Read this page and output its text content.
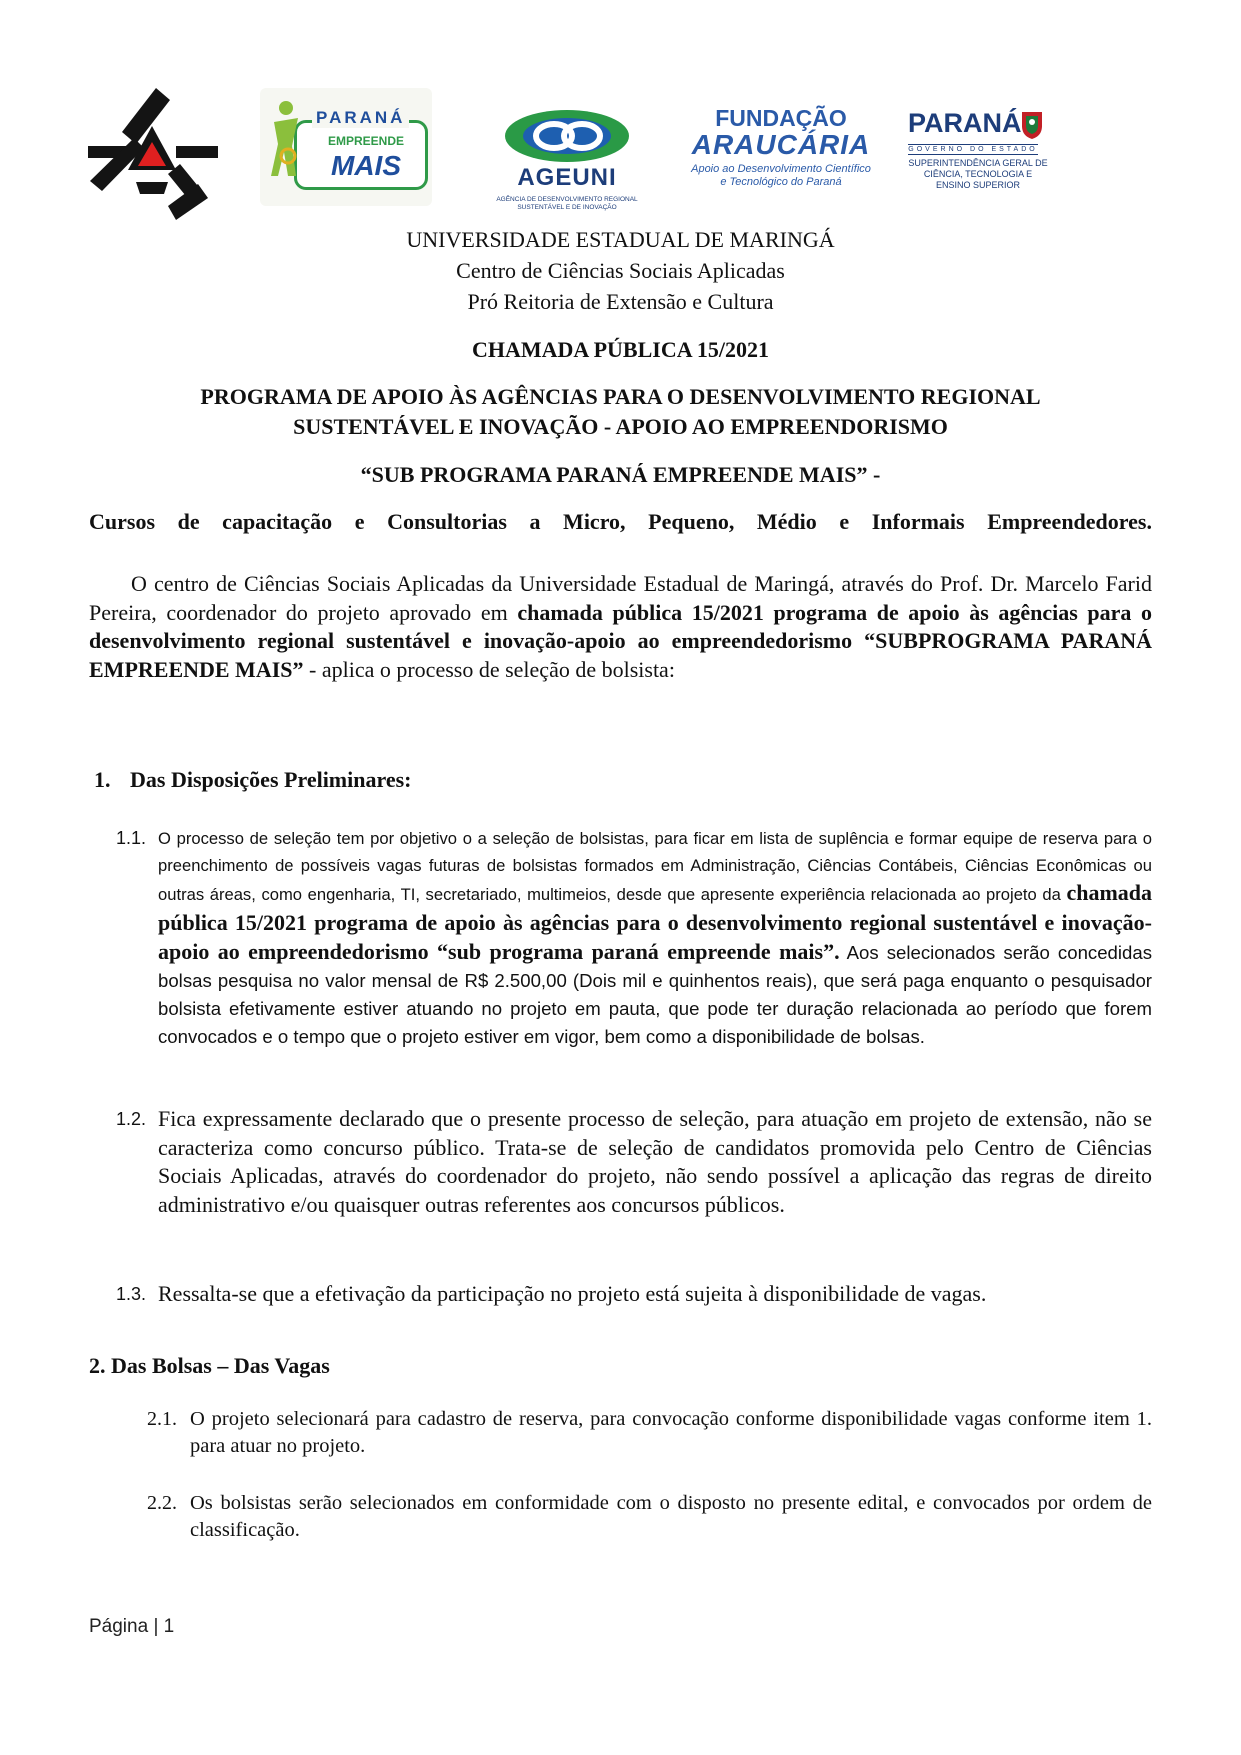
PARANÁ
EMPREENDE
MAIS	AGEUNI
AGÊNCIA DE DESENVOLVIMENTO REGIONAL SUSTENTÁVEL E DE INOVAÇÃO
FUNDAÇÃO
ARAUCÁRIA
Apoio ao Desenvolvimento Científico e Tecnológico do Paraná
PARANÁ
GOVERNO DO ESTADO
SUPERINTENDÊNCIA GERAL DE CIÊNCIA, TECNOLOGIA E ENSINO SUPERIOR
UNIVERSIDADE ESTADUAL DE MARINGÁ
Centro de Ciências Sociais Aplicadas
Pró Reitoria de Extensão e Cultura
CHAMADA PÚBLICA 15/2021
PROGRAMA DE APOIO ÀS AGÊNCIAS PARA O DESENVOLVIMENTO REGIONAL
SUSTENTÁVEL E INOVAÇÃO - APOIO AO EMPREENDORISMO
“SUB PROGRAMA PARANÁ EMPREENDE MAIS” -
Cursos de capacitação e Consultorias a Micro, Pequeno, Médio e Informais Empreendedores.
O centro de Ciências Sociais Aplicadas da Universidade Estadual de Maringá, através do Prof. Dr. Marcelo Farid Pereira, coordenador do projeto aprovado em chamada pública 15/2021 programa de apoio às agências para o desenvolvimento regional sustentável e inovação-apoio ao empreendedorismo “SUBPROGRAMA PARANÁ EMPREENDE MAIS” - aplica o processo de seleção de bolsista:
1. Das Disposições Preliminares:
1.1. O processo de seleção tem por objetivo o a seleção de bolsistas, para ficar em lista de suplência e formar equipe de reserva para o preenchimento de possíveis vagas futuras de bolsistas formados em Administração, Ciências Contábeis, Ciências Econômicas ou outras áreas, como engenharia, TI, secretariado, multimeios, desde que apresente experiência relacionada ao projeto da chamada pública 15/2021 programa de apoio às agências para o desenvolvimento regional sustentável e inovação-apoio ao empreendedorismo “sub programa paraná empreende mais”. Aos selecionados serão concedidas bolsas pesquisa no valor mensal de R$ 2.500,00 (Dois mil e quinhentos reais), que será paga enquanto o pesquisador bolsista efetivamente estiver atuando no projeto em pauta, que pode ter duração relacionada ao período que forem convocados e o tempo que o projeto estiver em vigor, bem como a disponibilidade de bolsas.
1.2. Fica expressamente declarado que o presente processo de seleção, para atuação em projeto de extensão, não se caracteriza como concurso público. Trata-se de seleção de candidatos promovida pelo Centro de Ciências Sociais Aplicadas, através do coordenador do projeto, não sendo possível a aplicação das regras de direito administrativo e/ou quaisquer outras referentes aos concursos públicos.
1.3. Ressalta-se que a efetivação da participação no projeto está sujeita à disponibilidade de vagas.
2. Das Bolsas – Das Vagas
2.1. O projeto selecionará para cadastro de reserva, para convocação conforme disponibilidade vagas conforme item 1. para atuar no projeto.
2.2. Os bolsistas serão selecionados em conformidade com o disposto no presente edital, e convocados por ordem de classificação.
Página | 1
